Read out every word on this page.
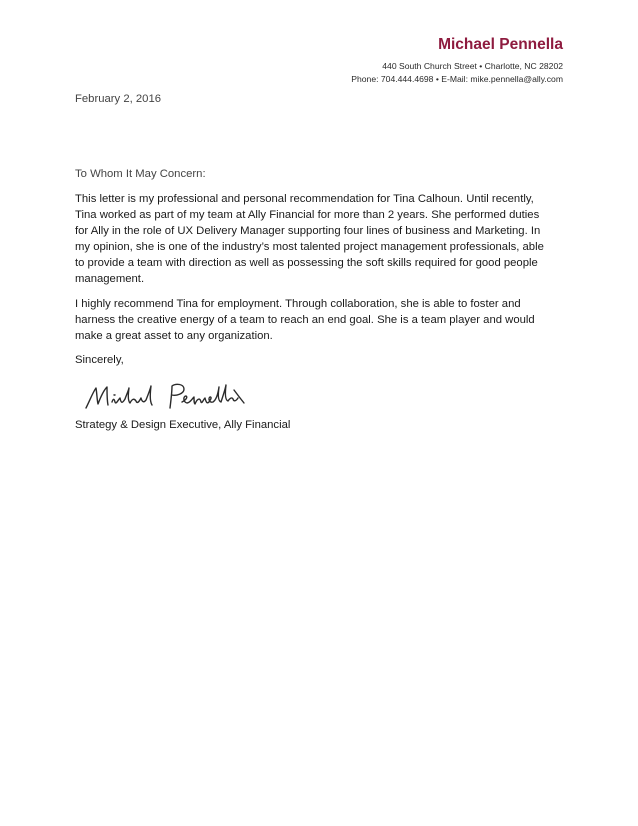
Michael Pennella
440 South Church Street • Charlotte, NC 28202
Phone: 704.444.4698 • E-Mail: mike.pennella@ally.com
February 2, 2016
To Whom It May Concern:
This letter is my professional and personal recommendation for Tina Calhoun. Until recently,
Tina worked as part of my team at Ally Financial for more than 2 years. She performed duties
for Ally in the role of UX Delivery Manager supporting four lines of business and Marketing. In
my opinion, she is one of the industry’s most talented project management professionals, able
to provide a team with direction as well as possessing the soft skills required for good people
management.
I highly recommend Tina for employment. Through collaboration, she is able to foster and
harness the creative energy of a team to reach an end goal. She is a team player and would
make a great asset to any organization.
Sincerely,
Strategy & Design Executive, Ally Financial
